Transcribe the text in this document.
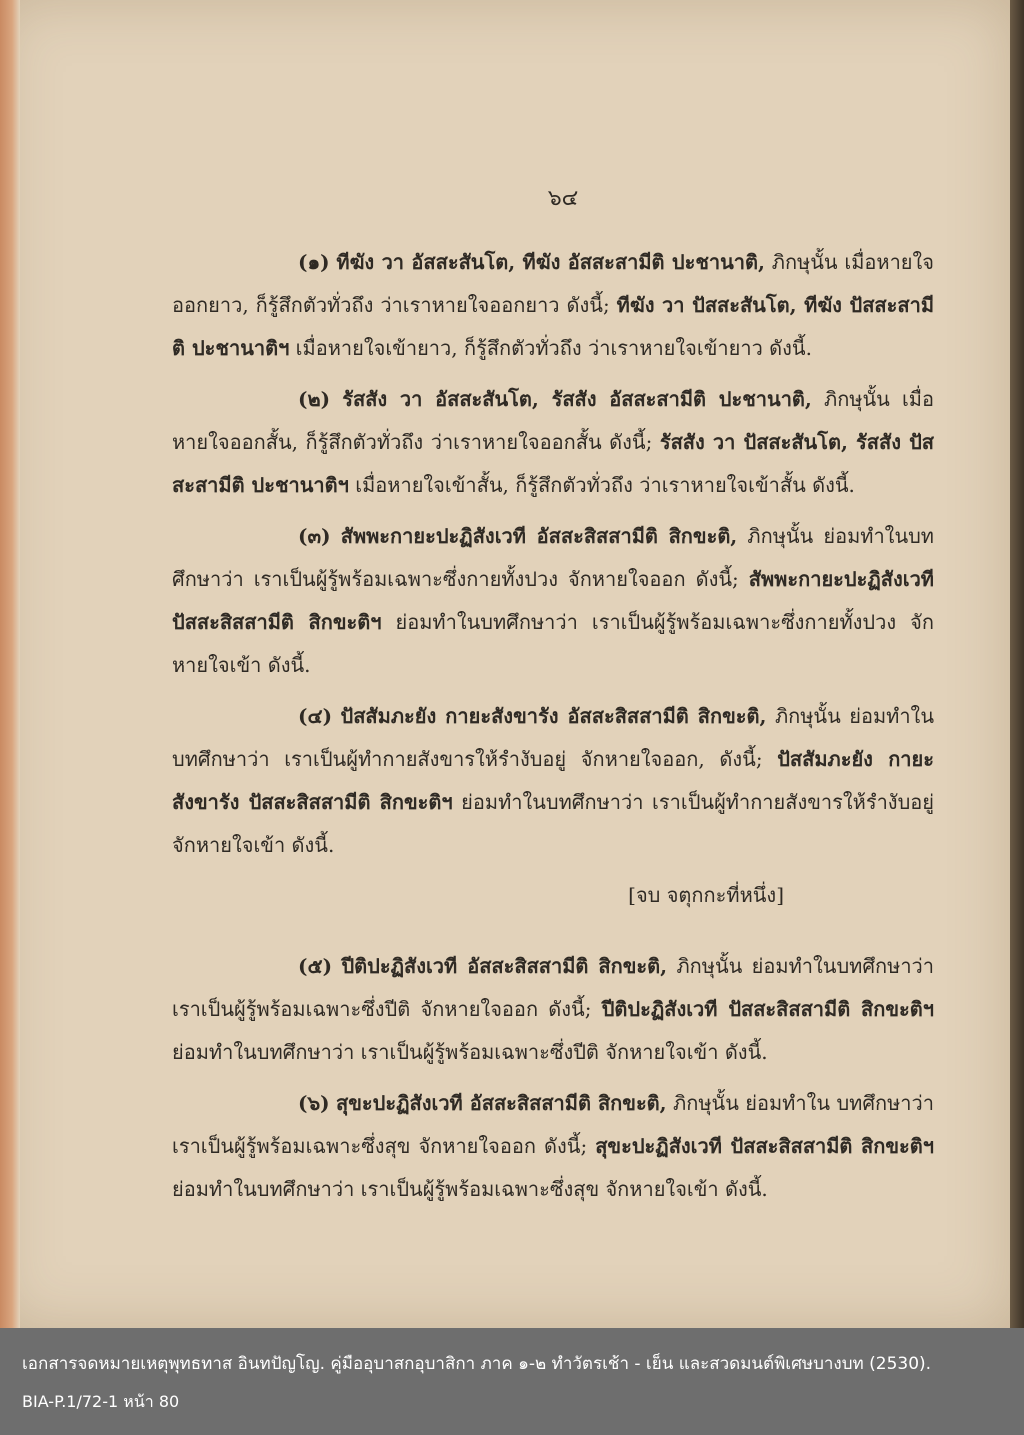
๖๔

(๑) ทีฆัง วา อัสสะสันโต, ทีฆัง อัสสะสามีติ ปะชานาติ, ภิกษุนั้น เมื่อหายใจออกยาว, ก็รู้สึกตัวทั่วถึง ว่าเราหายใจออกยาว ดังนี้; ทีฆัง วา ปัสสะสันโต, ทีฆัง ปัสสะสามีติ ปะชานาติฯ เมื่อหายใจเข้ายาว, ก็รู้สึกตัวทั่วถึง ว่าเราหายใจเข้ายาว ดังนี้.

(๒) รัสสัง วา อัสสะสันโต, รัสสัง อัสสะสามีติ ปะชานาติ, ภิกษุนั้น เมื่อหายใจออกสั้น, ก็รู้สึกตัวทั่วถึง ว่าเราหายใจออกสั้น ดังนี้; รัสสัง วา ปัสสะสันโต, รัสสัง ปัสสะสามีติ ปะชานาติฯ เมื่อหายใจเข้าสั้น, ก็รู้สึกตัวทั่วถึง ว่าเราหายใจเข้าสั้น ดังนี้.

(๓) สัพพะกายะปะฏิสังเวที อัสสะสิสสามีติ สิกขะติ, ภิกษุนั้น ย่อมทำในบทศึกษาว่า เราเป็นผู้รู้พร้อมเฉพาะซึ่งกายทั้งปวง จักหายใจออก ดังนี้; สัพพะกายะปะฏิสังเวที ปัสสะสิสสามีติ สิกขะติฯ ย่อมทำในบทศึกษาว่า เราเป็นผู้รู้พร้อมเฉพาะซึ่งกายทั้งปวง จักหายใจเข้า ดังนี้.

(๔) ปัสสัมภะยัง กายะสังขารัง อัสสะสิสสามีติ สิกขะติ, ภิกษุนั้น ย่อมทำในบทศึกษาว่า เราเป็นผู้ทำกายสังขารให้รำงับอยู่ จักหายใจออก, ดังนี้; ปัสสัมภะยัง กายะสังขารัง ปัสสะสิสสามีติ สิกขะติฯ ย่อมทำในบทศึกษาว่า เราเป็นผู้ทำกายสังขารให้รำงับอยู่ จักหายใจเข้า ดังนี้.

[จบ จตุกกะที่หนึ่ง]

(๕) ปีติปะฏิสังเวที อัสสะสิสสามีติ สิกขะติ, ภิกษุนั้น ย่อมทำในบทศึกษาว่า เราเป็นผู้รู้พร้อมเฉพาะซึ่งปีติ จักหายใจออก ดังนี้; ปีติปะฏิสังเวที ปัสสะสิสสามีติ สิกขะติฯ ย่อมทำในบทศึกษาว่า เราเป็นผู้รู้พร้อมเฉพาะซึ่งปีติ จักหายใจเข้า ดังนี้.

(๖) สุขะปะฏิสังเวที อัสสะสิสสามีติ สิกขะติ, ภิกษุนั้น ย่อมทำใน บทศึกษาว่า เราเป็นผู้รู้พร้อมเฉพาะซึ่งสุข จักหายใจออก ดังนี้; สุขะปะฏิสังเวที ปัสสะสิสสามีติ สิกขะติฯ ย่อมทำในบทศึกษาว่า เราเป็นผู้รู้พร้อมเฉพาะซึ่งสุข จักหายใจเข้า ดังนี้.

เอกสารจดหมายเหตุพุทธทาส อินทปัญโญ. คู่มืออุบาสกอุบาสิกา ภาค ๑-๒ ทำวัตรเช้า - เย็น และสวดมนต์พิเศษบางบท (2530).
BIA-P.1/72-1 หน้า 80
